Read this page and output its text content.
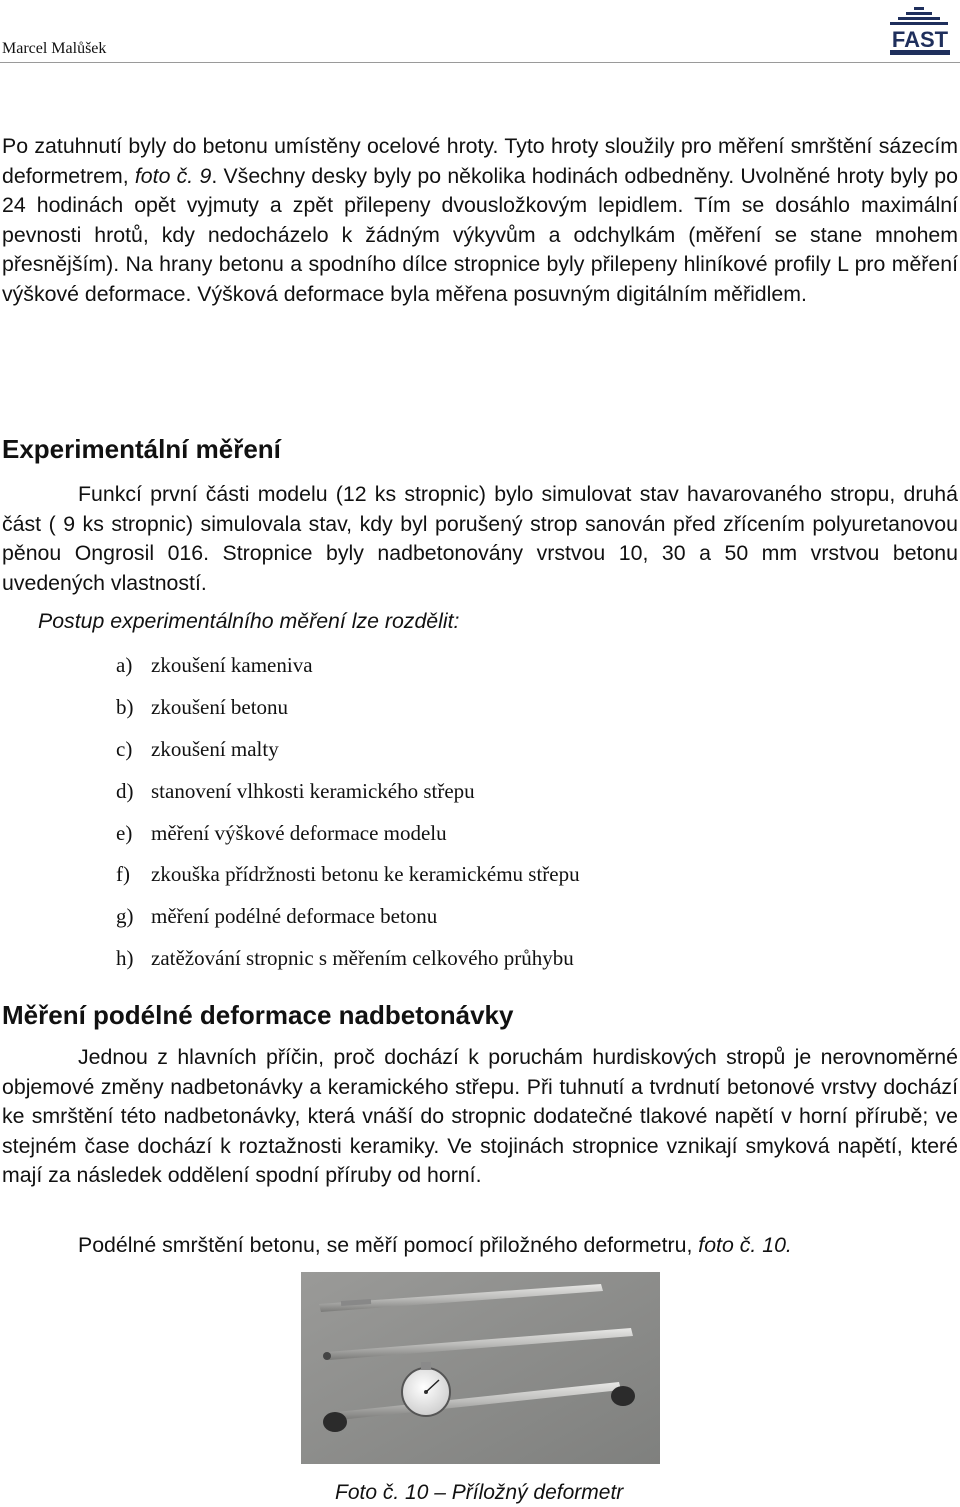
Marcel Malůšek	FAST

Po zatuhnutí byly do betonu umístěny ocelové hroty. Tyto hroty sloužily pro měření smrštění sázecím deformetrem, foto č. 9. Všechny desky byly po několika hodinách odbedněny. Uvolněné hroty byly po 24 hodinách opět vyjmuty a zpět přilepeny dvousložkovým lepidlem. Tím se dosáhlo maximální pevnosti hrotů, kdy nedocházelo k žádným výkyvům a odchylkám (měření se stane mnohem přesnějším). Na hrany betonu a spodního dílce stropnice byly přilepeny hliníkové profily L pro měření výškové deformace. Výšková deformace byla měřena posuvným digitálním měřidlem.

Experimentální měření

Funkcí první části modelu (12 ks stropnic) bylo simulovat stav havarovaného stropu, druhá část ( 9 ks stropnic) simulovala stav, kdy byl porušený strop sanován před zřícením polyuretanovou pěnou Ongrosil 016. Stropnice byly nadbetonovány vrstvou 10, 30 a 50 mm vrstvou betonu uvedených vlastností.

Postup experimentálního měření lze rozdělit:

a) zkoušení kameniva
b) zkoušení betonu
c) zkoušení malty
d) stanovení vlhkosti keramického střepu
e) měření výškové deformace modelu
f) zkouška přídržnosti betonu ke keramickému střepu
g) měření podélné deformace betonu
h) zatěžování stropnic s měřením celkového průhybu
Měření podélné deformace nadbetonávky

Jednou z hlavních příčin, proč dochází k poruchám hurdiskových stropů je nerovnoměrné objemové změny nadbetonávky a keramického střepu. Při tuhnutí a tvrdnutí betonové vrstvy dochází ke smrštění této nadbetonávky, která vnáší do stropnic dodatečné tlakové napětí v horní přírubě; ve stejném čase dochází k roztažnosti keramiky. Ve stojinách stropnice vznikají smyková napětí, které mají za následek oddělení spodní příruby od horní.

Podélné smrštění betonu, se měří pomocí přiložného deformetru, foto č. 10.

Foto č. 10 – Příložný deformetr
